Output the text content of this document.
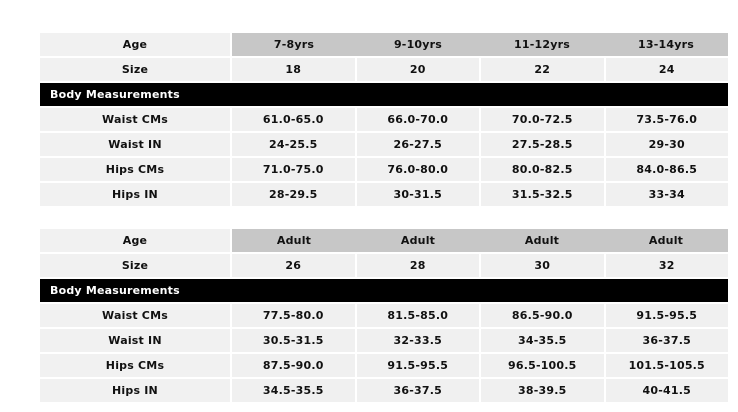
Age	7-8yrs	9-10yrs	11-12yrs	13-14yrs
Size	18	20	22	24
Body Measurements
Waist CMs	61.0-65.0	66.0-70.0	70.0-72.5	73.5-76.0
Waist IN	24-25.5	26-27.5	27.5-28.5	29-30
Hips CMs	71.0-75.0	76.0-80.0	80.0-82.5	84.0-86.5
Hips IN	28-29.5	30-31.5	31.5-32.5	33-34
Age	Adult	Adult	Adult	Adult
Size	26	28	30	32
Body Measurements
Waist CMs	77.5-80.0	81.5-85.0	86.5-90.0	91.5-95.5
Waist IN	30.5-31.5	32-33.5	34-35.5	36-37.5
Hips CMs	87.5-90.0	91.5-95.5	96.5-100.5	101.5-105.5
Hips IN	34.5-35.5	36-37.5	38-39.5	40-41.5
